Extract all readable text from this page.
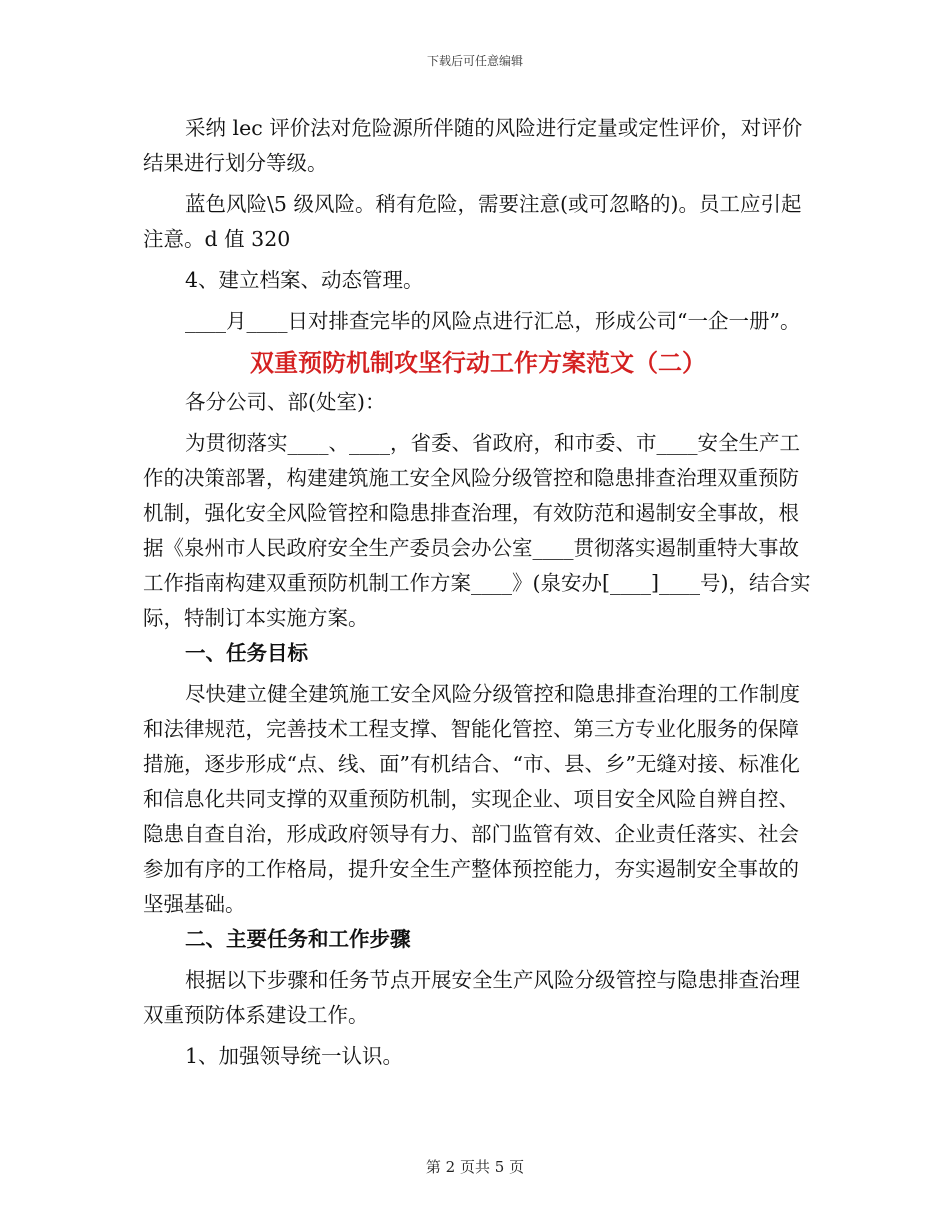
下载后可任意编辑

采纳 lec 评价法对危险源所伴随的风险进行定量或定性评价，对评价结果进行划分等级。

蓝色风险\5 级风险。稍有危险，需要注意(或可忽略的)。员工应引起注意。d 值 320

4、建立档案、动态管理。

____月____日对排查完毕的风险点进行汇总，形成公司“一企一册”。

双重预防机制攻坚行动工作方案范文（二）

各分公司、部(处室)：

为贯彻落实____、____，省委、省政府，和市委、市____安全生产工作的决策部署，构建建筑施工安全风险分级管控和隐患排查治理双重预防机制，强化安全风险管控和隐患排查治理，有效防范和遏制安全事故，根据《泉州市人民政府安全生产委员会办公室____贯彻落实遏制重特大事故工作指南构建双重预防机制工作方案____》(泉安办[____]____号)，结合实际，特制订本实施方案。

一、任务目标

尽快建立健全建筑施工安全风险分级管控和隐患排查治理的工作制度和法律规范，完善技术工程支撑、智能化管控、第三方专业化服务的保障措施，逐步形成“点、线、面”有机结合、“市、县、乡”无缝对接、标准化和信息化共同支撑的双重预防机制，实现企业、项目安全风险自辨自控、隐患自查自治，形成政府领导有力、部门监管有效、企业责任落实、社会参加有序的工作格局，提升安全生产整体预控能力，夯实遏制安全事故的坚强基础。

二、主要任务和工作步骤

根据以下步骤和任务节点开展安全生产风险分级管控与隐患排查治理双重预防体系建设工作。

1、加强领导统一认识。

第 2 页共 5 页
